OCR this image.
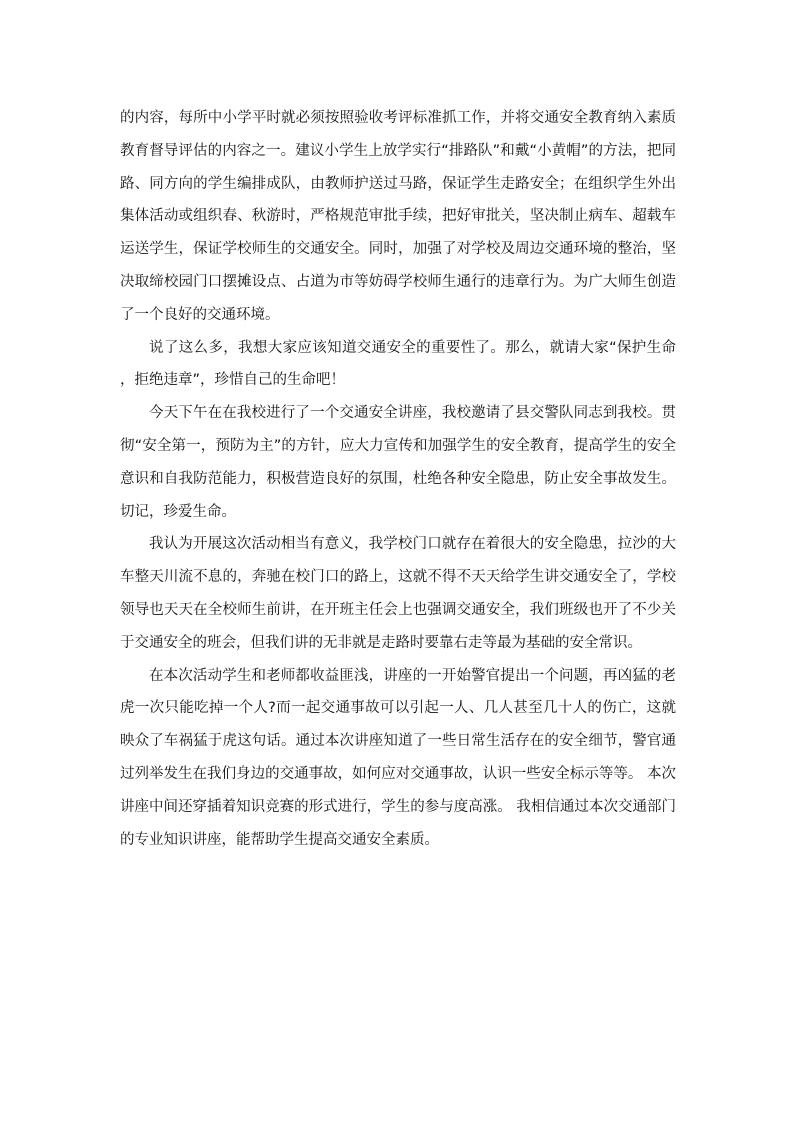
的内容，每所中小学平时就必须按照验收考评标准抓工作，并将交通安全教育纳入素质教育督导评估的内容之一。建议小学生上放学实行“排路队”和戴“小黄帽”的方法，把同路、同方向的学生编排成队，由教师护送过马路，保证学生走路安全；在组织学生外出集体活动或组织春、秋游时，严格规范审批手续，把好审批关，坚决制止病车、超载车运送学生，保证学校师生的交通安全。同时，加强了对学校及周边交通环境的整治，坚决取缔校园门口摆摊设点、占道为市等妨碍学校师生通行的违章行为。为广大师生创造了一个良好的交通环境。

说了这么多，我想大家应该知道交通安全的重要性了。那么，就请大家“保护生命，拒绝违章”，珍惜自己的生命吧！

今天下午在在我校进行了一个交通安全讲座，我校邀请了县交警队同志到我校。贯彻“安全第一，预防为主”的方针，应大力宣传和加强学生的安全教育，提高学生的安全意识和自我防范能力，积极营造良好的氛围，杜绝各种安全隐患，防止安全事故发生。切记，珍爱生命。

我认为开展这次活动相当有意义，我学校门口就存在着很大的安全隐患，拉沙的大车整天川流不息的，奔驰在校门口的路上，这就不得不天天给学生讲交通安全了，学校领导也天天在全校师生前讲，在开班主任会上也强调交通安全，我们班级也开了不少关于交通安全的班会，但我们讲的无非就是走路时要靠右走等最为基础的安全常识。

在本次活动学生和老师都收益匪浅，讲座的一开始警官提出一个问题，再凶猛的老虎一次只能吃掉一个人?而一起交通事故可以引起一人、几人甚至几十人的伤亡，这就映众了车祸猛于虎这句话。通过本次讲座知道了一些日常生活存在的安全细节，警官通过列举发生在我们身边的交通事故，如何应对交通事故，认识一些安全标示等等。 本次讲座中间还穿插着知识竞赛的形式进行，学生的参与度高涨。 我相信通过本次交通部门的专业知识讲座，能帮助学生提高交通安全素质。
